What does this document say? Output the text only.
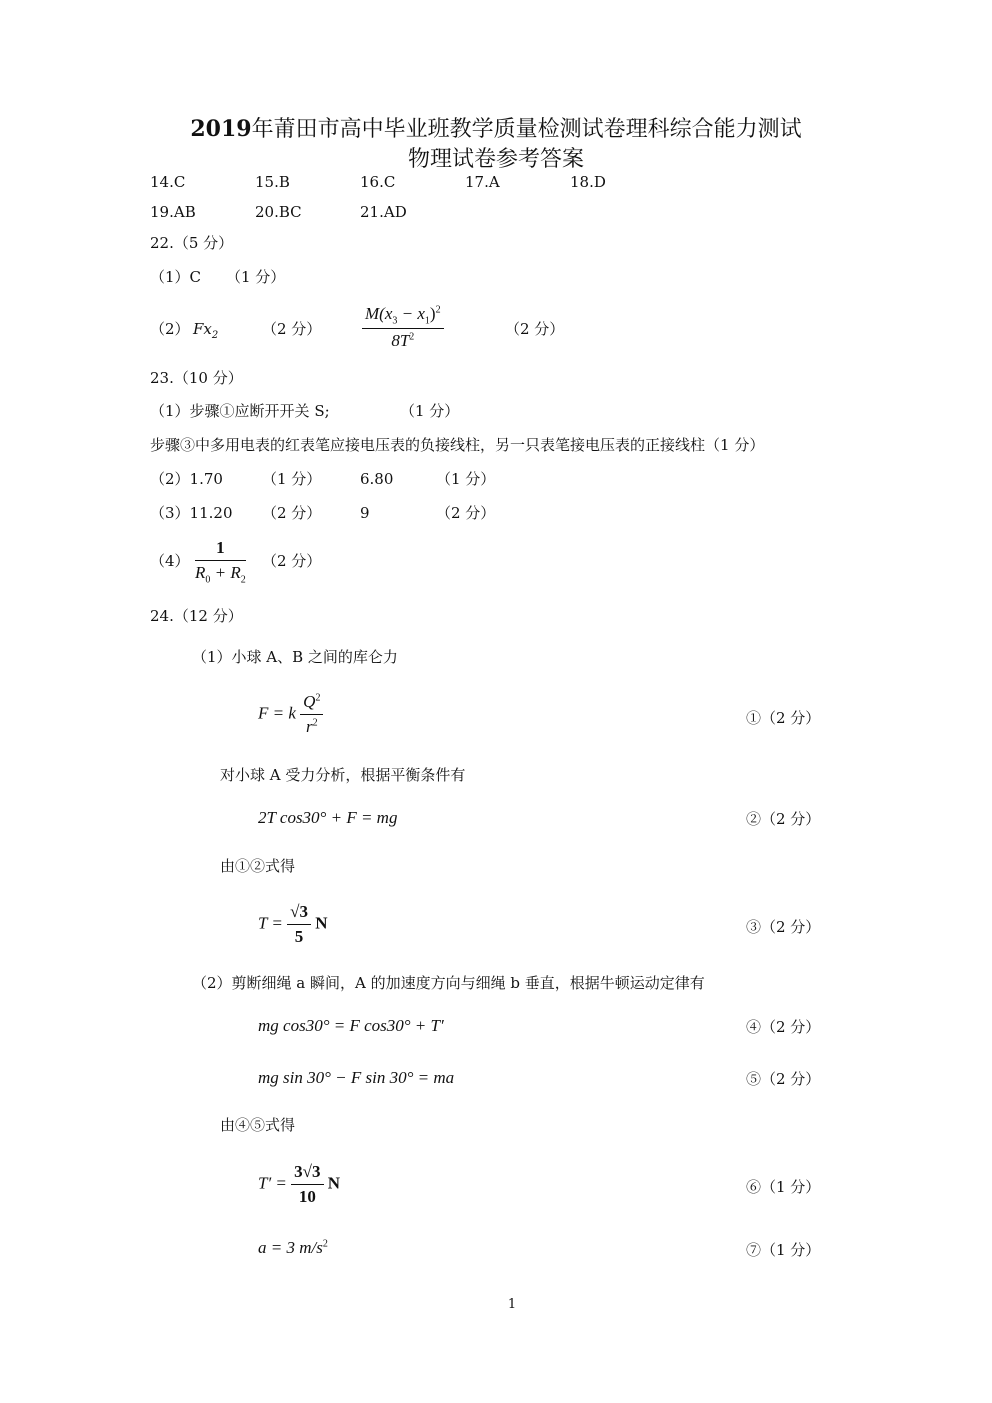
2019年莆田市高中毕业班教学质量检测试卷理科综合能力测试
物理试卷参考答案
14.C	15.B	16.C	17.A	18.D
19.AB	20.BC	21.AD
22.（5 分）
（1）C （1 分）
（2） $Fx_2$	（2 分） $\frac{M(x_3 - x_1)^2}{8T^2}$	（2 分）
23.（10 分）
（1）步骤①应断开开关 S;	（1 分）
步骤③中多用电表的红表笔应接电压表的负接线柱，另一只表笔接电压表的正接线柱（1 分）
（2）1.70	（1 分）	6.80	（1 分）
（3）11.20 （2 分）	9	（2 分）
$(4) \frac{1}{R_0 + R_2} (2$ 分）
24.（12 分）
（1）小球 A、B 之间的库仑力
F = k $\frac{Q^2}{r^2}$	①（2 分）
对小球 A 受力分析，根据平衡条件有
2T cos30° + F = mg	②（2 分）
由①②式得
$T = \frac{√3}{5}$ N	③（2 分）
（2）剪断细绳 a 瞬间，A 的加速度方向与细绳 b 垂直，根据牛顿运动定律有
mg cos30° = F cos30° + T′	④（2 分）
mg sin 30° − F sin 30° = ma	⑤（2 分）
由④⑤式得
$T' = \frac{3√3}{10}$ N	⑥（1 分）
a = 3 $m/s^2$	⑦（1 分）
1
